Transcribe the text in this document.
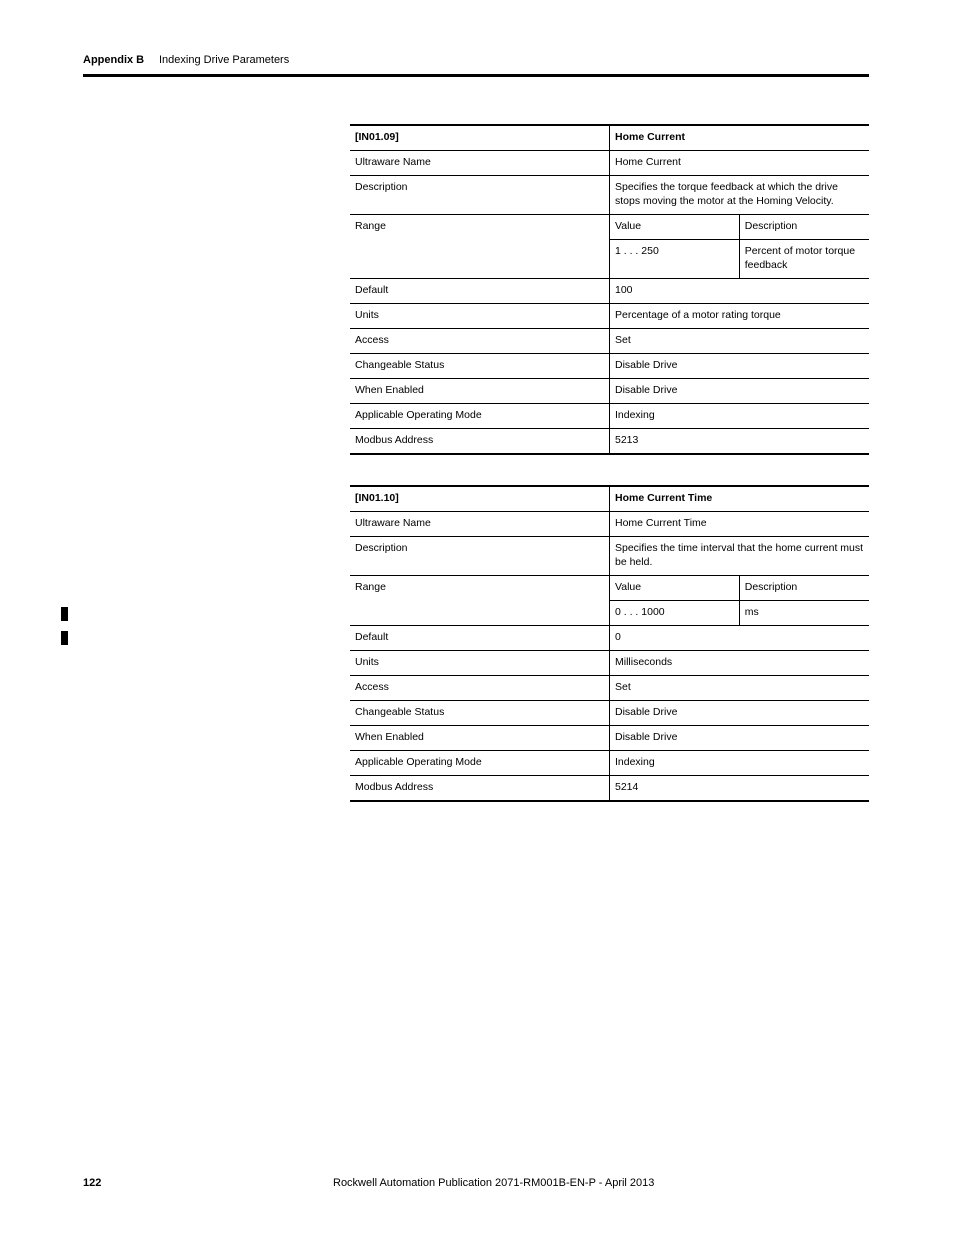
Appendix B Indexing Drive Parameters
[IN01.09]	Home Current	
Ultraware Name	Home Current	
Description	Specifies the torque feedback at which the drive stops moving the motor at the Homing Velocity.	
Range	Value	Description
	1 . . . 250	Percent of motor torque feedback
Default	100	
Units	Percentage of a motor rating torque	
Access	Set	
Changeable Status	Disable Drive	
When Enabled	Disable Drive	
Applicable Operating Mode	Indexing	
Modbus Address	5213	
[IN01.10]	Home Current Time	
Ultraware Name	Home Current Time	
Description	Specifies the time interval that the home current must be held.	
Range	Value	Description
	0 . . . 1000	ms
Default	0	
Units	Milliseconds	
Access	Set	
Changeable Status	Disable Drive	
When Enabled	Disable Drive	
Applicable Operating Mode	Indexing	
Modbus Address	5214	
122	Rockwell Automation Publication 2071-RM001B-EN-P - April 2013
